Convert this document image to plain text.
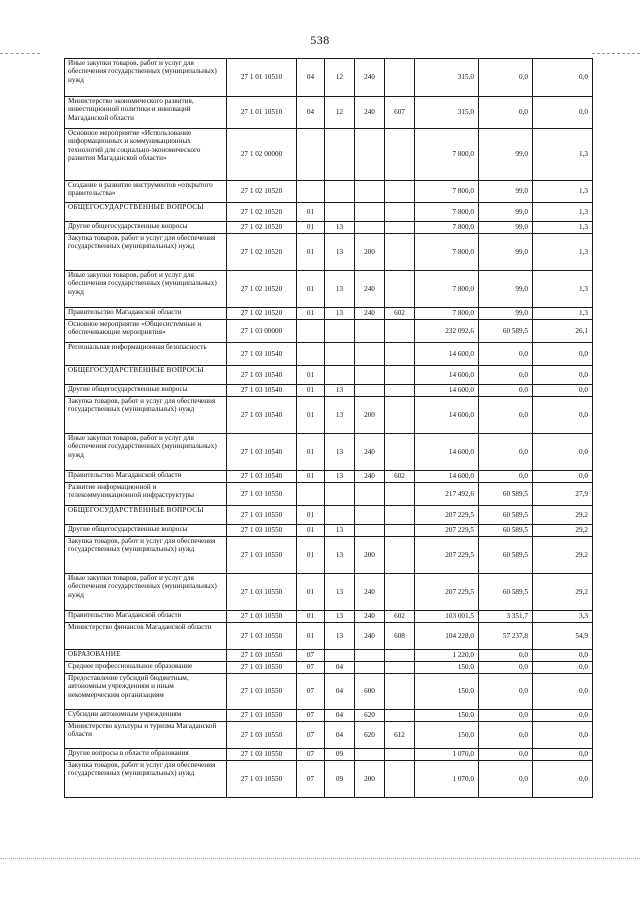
538
Иные закупки товаров, работ и услуг для обеспечения государственных (муниципальных) нужд	27 1 01 10510	04	12	240		315,0	0,0	0,0
Министерство экономического развития, инвестиционной политики и инноваций Магаданской области	27 1 01 10510	04	12	240	607	315,0	0,0	0,0
Основное мероприятие «Использование информационных и коммуникационных технологий для социально-экономического развития Магаданской области»	27 1 02 00000					7 800,0	99,0	1,3
Создание и развитие инструментов «открытого правительства»	27 1 02 10520					7 800,0	99,0	1,3
ОБЩЕГОСУДАРСТВЕННЫЕ ВОПРОСЫ	27 1 02 10520	01				7 800,0	99,0	1,3
Другие общегосударственные вопросы	27 1 02 10520	01	13			7 800,0	99,0	1,3
Закупка товаров, работ и услуг для обеспечения государственных (муниципальных) нужд	27 1 02 10520	01	13	200		7 800,0	99,0	1,3
Иные закупки товаров, работ и услуг для обеспечения государственных (муниципальных) нужд	27 1 02 10520	01	13	240		7 800,0	99,0	1,3
Правительство Магаданской области	27 1 02 10520	01	13	240	602	7 800,0	99,0	1,3
Основное мероприятие «Общесистемные и обеспечивающие мероприятия»	27 1 03 00000					232 092,6	60 589,5	26,1
Региональная информационная безопасность	27 1 03 10540					14 600,0	0,0	0,0
ОБЩЕГОСУДАРСТВЕННЫЕ ВОПРОСЫ	27 1 03 10540	01				14 600,0	0,0	0,0
Другие общегосударственные вопросы	27 1 03 10540	01	13			14 600,0	0,0	0,0
Закупка товаров, работ и услуг для обеспечения государственных (муниципальных) нужд	27 1 03 10540	01	13	200		14 600,0	0,0	0,0
Иные закупки товаров, работ и услуг для обеспечения государственных (муниципальных) нужд	27 1 03 10540	01	13	240		14 600,0	0,0	0,0
Правительство Магаданской области	27 1 03 10540	01	13	240	602	14 600,0	0,0	0,0
Развитие информационной и телекоммуникационной инфраструктуры	27 1 03 10550					217 492,6	60 589,5	27,9
ОБЩЕГОСУДАРСТВЕННЫЕ ВОПРОСЫ	27 1 03 10550	01				207 229,5	60 589,5	29,2
Другие общегосударственные вопросы	27 1 03 10550	01	13			207 229,5	60 589,5	29,2
Закупка товаров, работ и услуг для обеспечения государственных (муниципальных) нужд	27 1 03 10550	01	13	200		207 229,5	60 589,5	29,2
Иные закупки товаров, работ и услуг для обеспечения государственных (муниципальных) нужд	27 1 03 10550	01	13	240		207 229,5	60 589,5	29,2
Правительство Магаданской области	27 1 03 10550	01	13	240	602	103 001,5	3 351,7	3,3
Министерство финансов Магаданской области	27 1 03 10550	01	13	240	608	104 228,0	57 237,8	54,9
ОБРАЗОВАНИЕ	27 1 03 10550	07				1 220,0	0,0	0,0
Среднее профессиональное образование	27 1 03 10550	07	04			150,0	0,0	0,0
Предоставление субсидий бюджетным, автономным учреждениям и иным некоммерческим организациям	27 1 03 10550	07	04	600		150,0	0,0	0,0
Субсидии автономным учреждениям	27 1 03 10550	07	04	620		150,0	0,0	0,0
Министерство культуры и туризма Магаданской области	27 1 03 10550	07	04	620	612	150,0	0,0	0,0
Другие вопросы в области образования	27 1 03 10550	07	09			1 070,0	0,0	0,0
Закупка товаров, работ и услуг для обеспечения государственных (муниципальных) нужд	27 1 03 10550	07	09	200		1 070,0	0,0	0,0
